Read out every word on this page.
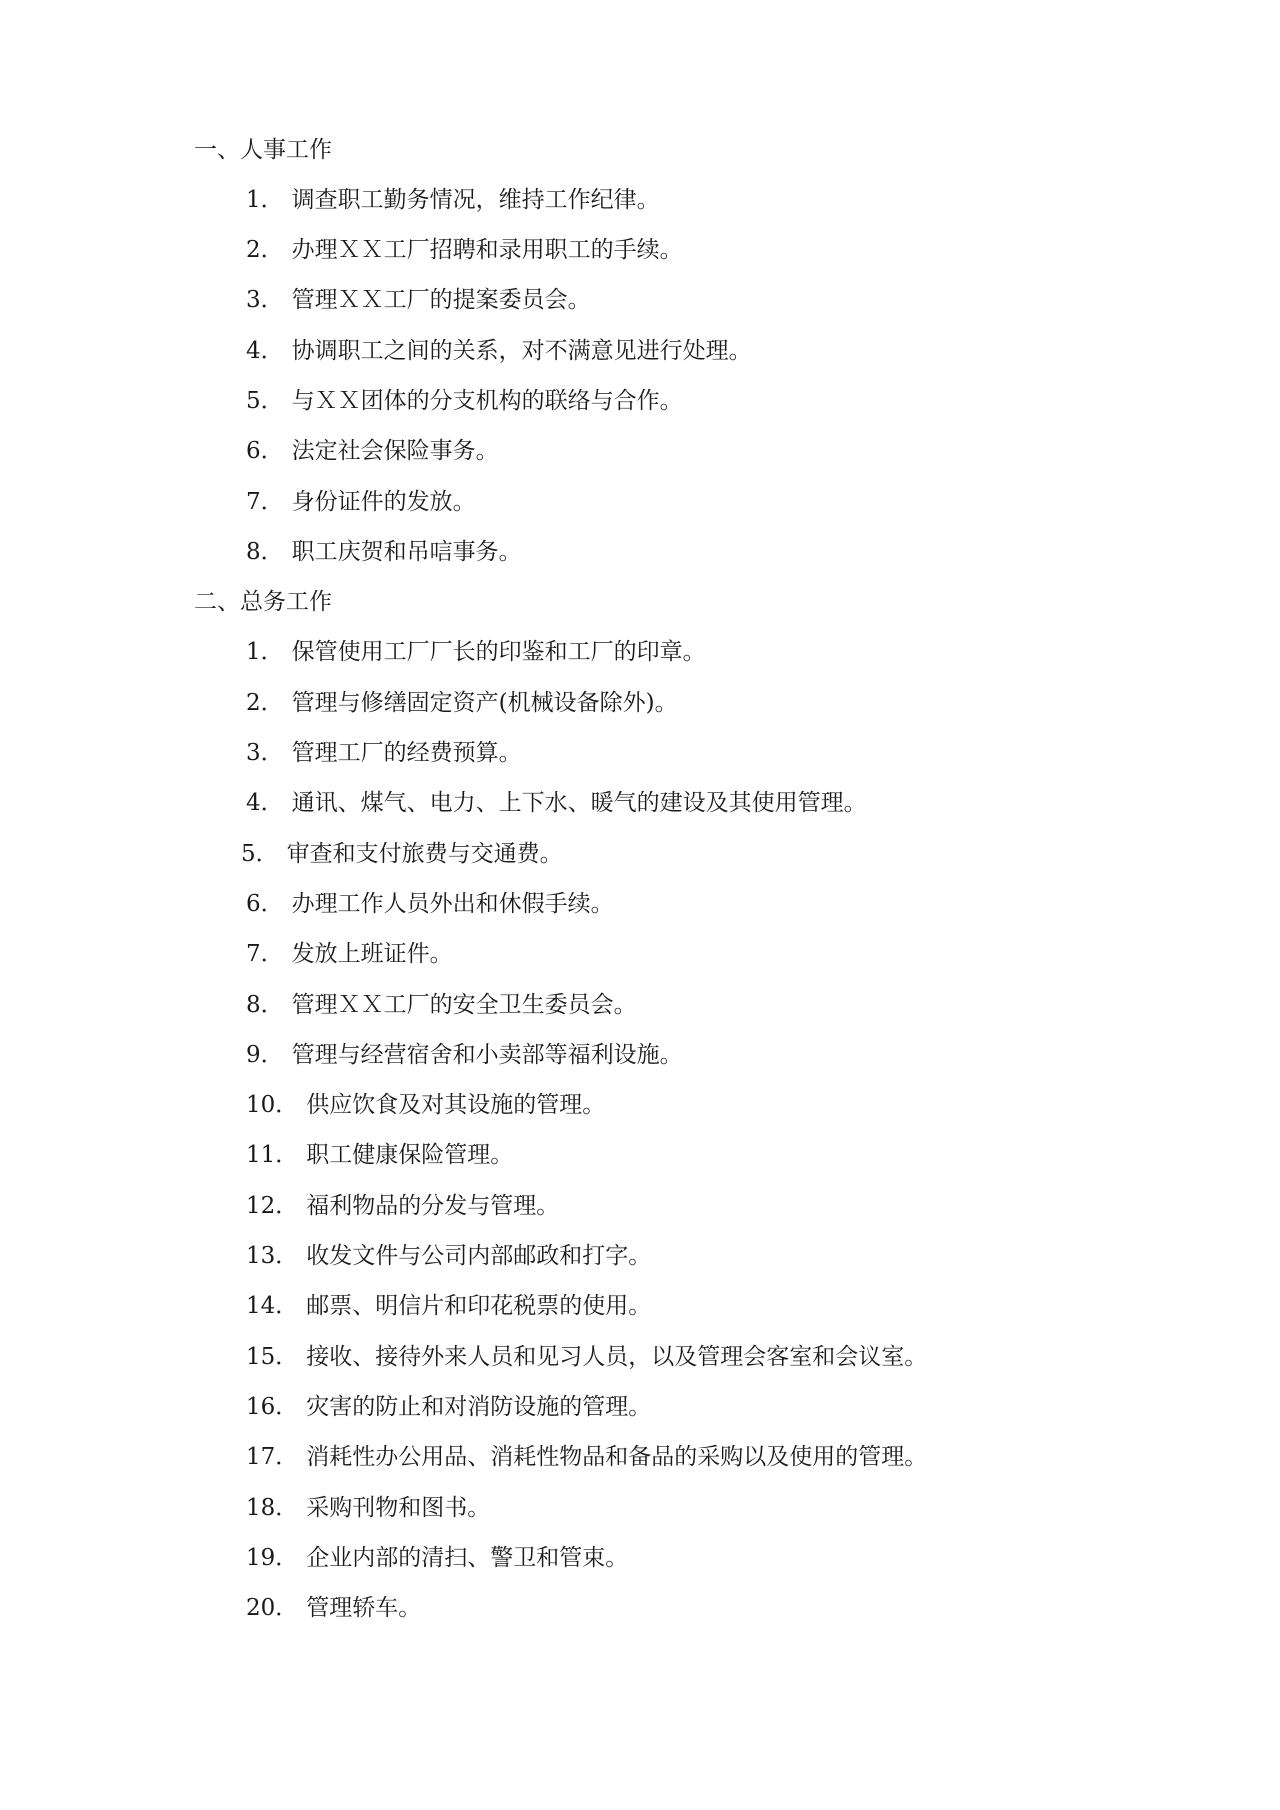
一、人事工作
1． 调查职工勤务情况，维持工作纪律。
2． 办理ＸＸ工厂招聘和录用职工的手续。
3． 管理ＸＸ工厂的提案委员会。
4． 协调职工之间的关系，对不满意见进行处理。
5． 与ＸＸ团体的分支机构的联络与合作。
6． 法定社会保险事务。
7． 身份证件的发放。
8． 职工庆贺和吊唁事务。
二、总务工作
1． 保管使用工厂厂长的印鉴和工厂的印章。
2． 管理与修缮固定资产(机械设备除外)。
3． 管理工厂的经费预算。
4． 通讯、煤气、电力、上下水、暖气的建设及其使用管理。
5． 审查和支付旅费与交通费。
6． 办理工作人员外出和休假手续。
7． 发放上班证件。
8． 管理ＸＸ工厂的安全卫生委员会。
9． 管理与经营宿舍和小卖部等福利设施。
10． 供应饮食及对其设施的管理。
11． 职工健康保险管理。
12． 福利物品的分发与管理。
13． 收发文件与公司内部邮政和打字。
14． 邮票、明信片和印花税票的使用。
15． 接收、接待外来人员和见习人员，以及管理会客室和会议室。
16． 灾害的防止和对消防设施的管理。
17． 消耗性办公用品、消耗性物品和备品的采购以及使用的管理。
18． 采购刊物和图书。
19． 企业内部的清扫、警卫和管束。
20． 管理轿车。
